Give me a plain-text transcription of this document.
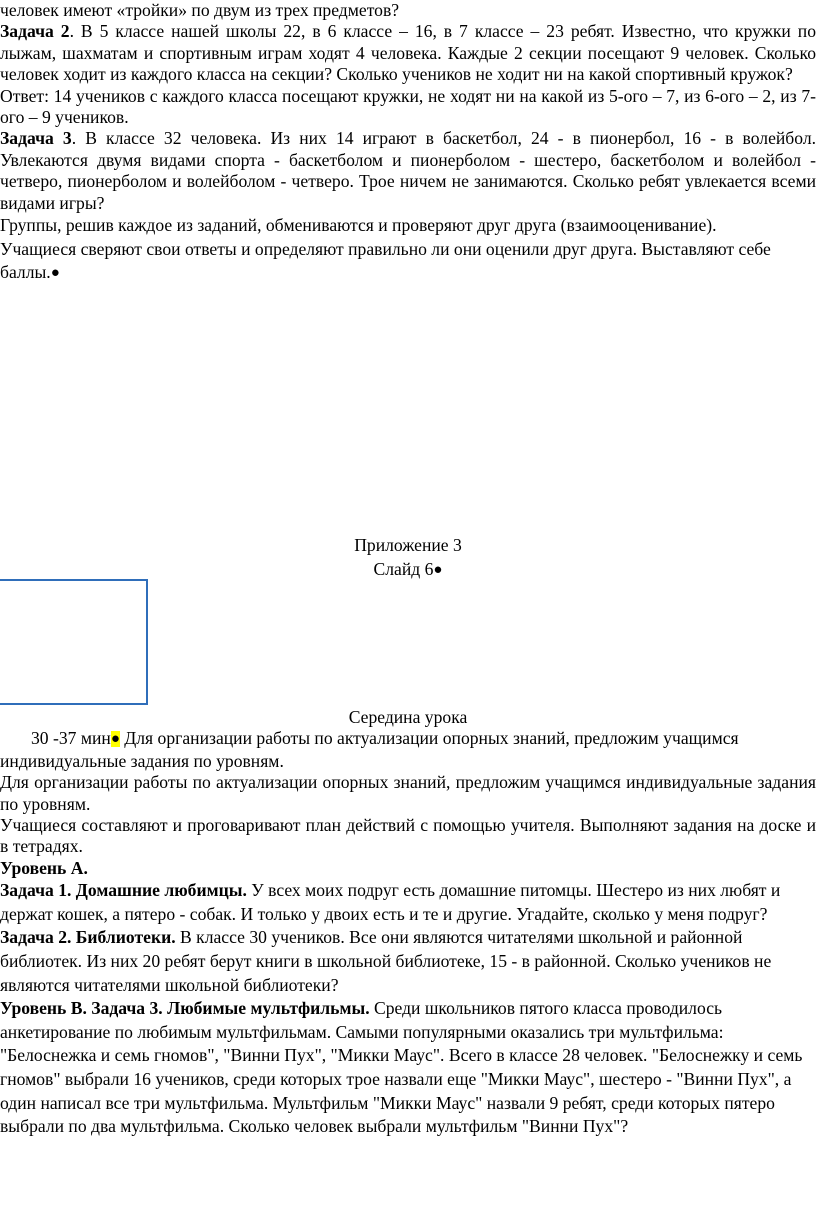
человек имеют «тройки» по двум из трех предметов?

Задача 2. В 5 классе нашей школы 22, в 6 классе – 16, в 7 классе – 23 ребят. Известно, что кружки по лыжам, шахматам и спортивным играм ходят 4 человека. Каждые 2 секции посещают 9 человек. Сколько человек ходит из каждого класса на секции? Сколько учеников не ходит ни на какой спортивный кружок?

Ответ: 14 учеников с каждого класса посещают кружки, не ходят ни на какой из 5-ого – 7, из 6-ого – 2, из 7-ого – 9 учеников.

Задача 3. В классе 32 человека. Из них 14 играют в баскетбол, 24 - в пионербол, 16 - в волейбол. Увлекаются двумя видами спорта - баскетболом и пионерболом - шестеро, баскетболом и волейбол - четверо, пионерболом и волейболом - четверо. Трое ничем не занимаются. Сколько ребят увлекается всеми видами игры?

Группы, решив каждое из заданий, обмениваются и проверяют друг друга (взаимооценивание).

Учащиеся сверяют свои ответы и определяют правильно ли они оценили друг друга. Выставляют себе баллы.●

Приложение 3

Слайд 6●

Середина урока

30 -37 мин● Для организации работы по актуализации опорных знаний, предложим учащимся индивидуальные задания по уровням.

Для организации работы по актуализации опорных знаний, предложим учащимся индивидуальные задания по уровням.

Учащиеся составляют и проговаривают план действий с помощью учителя. Выполняют задания на доске и в тетрадях.

Уровень А.

Задача 1. Домашние любимцы. У всех моих подруг есть домашние питомцы. Шестеро из них любят и держат кошек, а пятеро - собак. И только у двоих есть и те и другие. Угадайте, сколько у меня подруг?

Задача 2. Библиотеки. В классе 30 учеников. Все они являются читателями школьной и районной библиотек. Из них 20 ребят берут книги в школьной библиотеке, 15 - в районной. Сколько учеников не являются читателями школьной библиотеки?

Уровень В. Задача 3. Любимые мультфильмы. Среди школьников пятого класса проводилось анкетирование по любимым мультфильмам. Самыми популярными оказались три мультфильма: "Белоснежка и семь гномов", "Винни Пух", "Микки Маус". Всего в классе 28 человек. "Белоснежку и семь гномов" выбрали 16 учеников, среди которых трое назвали еще "Микки Маус", шестеро - "Винни Пух", а один написал все три мультфильма. Мультфильм "Микки Маус" назвали 9 ребят, среди которых пятеро выбрали по два мультфильма. Сколько человек выбрали мультфильм "Винни Пух"?
